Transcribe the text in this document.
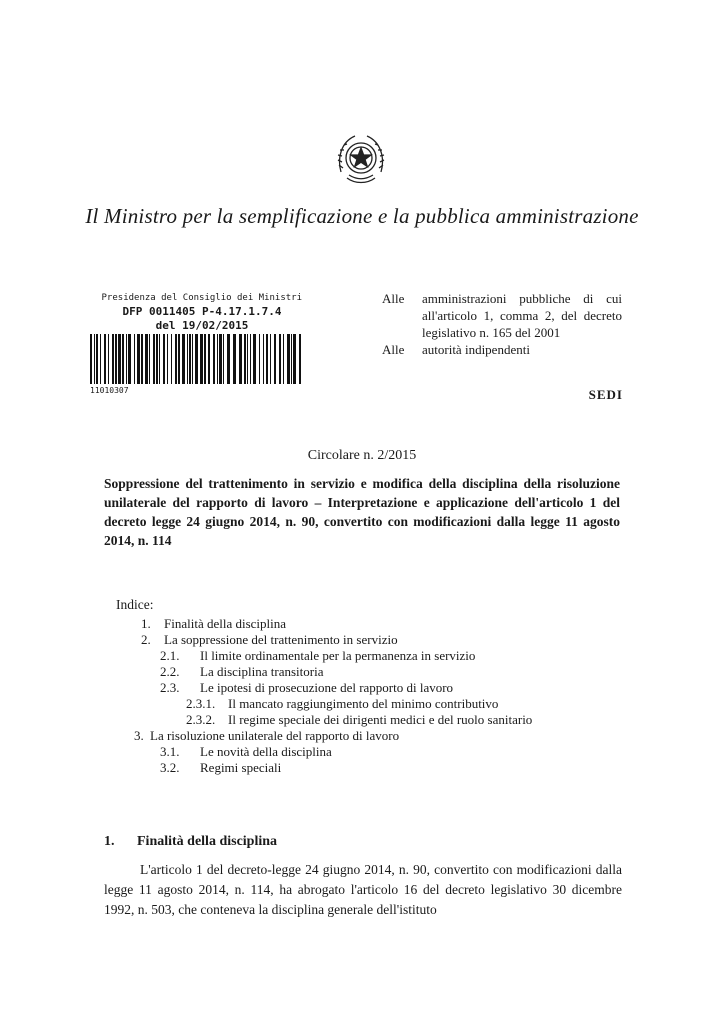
Il Ministro per la semplificazione e la pubblica amministrazione
Presidenza del Consiglio dei Ministri
DFP 0011405 P-4.17.1.7.4
del 19/02/2015
11010307
Alle	amministrazioni pubbliche di cui all'articolo 1, comma 2, del decreto legislativo n. 165 del 2001
Alle	autorità indipendenti
SEDI
Circolare n. 2/2015
Soppressione del trattenimento in servizio e modifica della disciplina della risoluzione unilaterale del rapporto di lavoro – Interpretazione e applicazione dell'articolo 1 del decreto legge 24 giugno 2014, n. 90, convertito con modificazioni dalla legge 11 agosto 2014, n. 114
Indice:
1. Finalità della disciplina
2. La soppressione del trattenimento in servizio
2.1. Il limite ordinamentale per la permanenza in servizio
2.2. La disciplina transitoria
2.3. Le ipotesi di prosecuzione del rapporto di lavoro
2.3.1. Il mancato raggiungimento del minimo contributivo
2.3.2. Il regime speciale dei dirigenti medici e del ruolo sanitario
3. La risoluzione unilaterale del rapporto di lavoro
3.1. Le novità della disciplina
3.2. Regimi speciali
1. Finalità della disciplina
L'articolo 1 del decreto-legge 24 giugno 2014, n. 90, convertito con modificazioni dalla legge 11 agosto 2014, n. 114, ha abrogato l'articolo 16 del decreto legislativo 30 dicembre 1992, n. 503, che conteneva la disciplina generale dell'istituto
